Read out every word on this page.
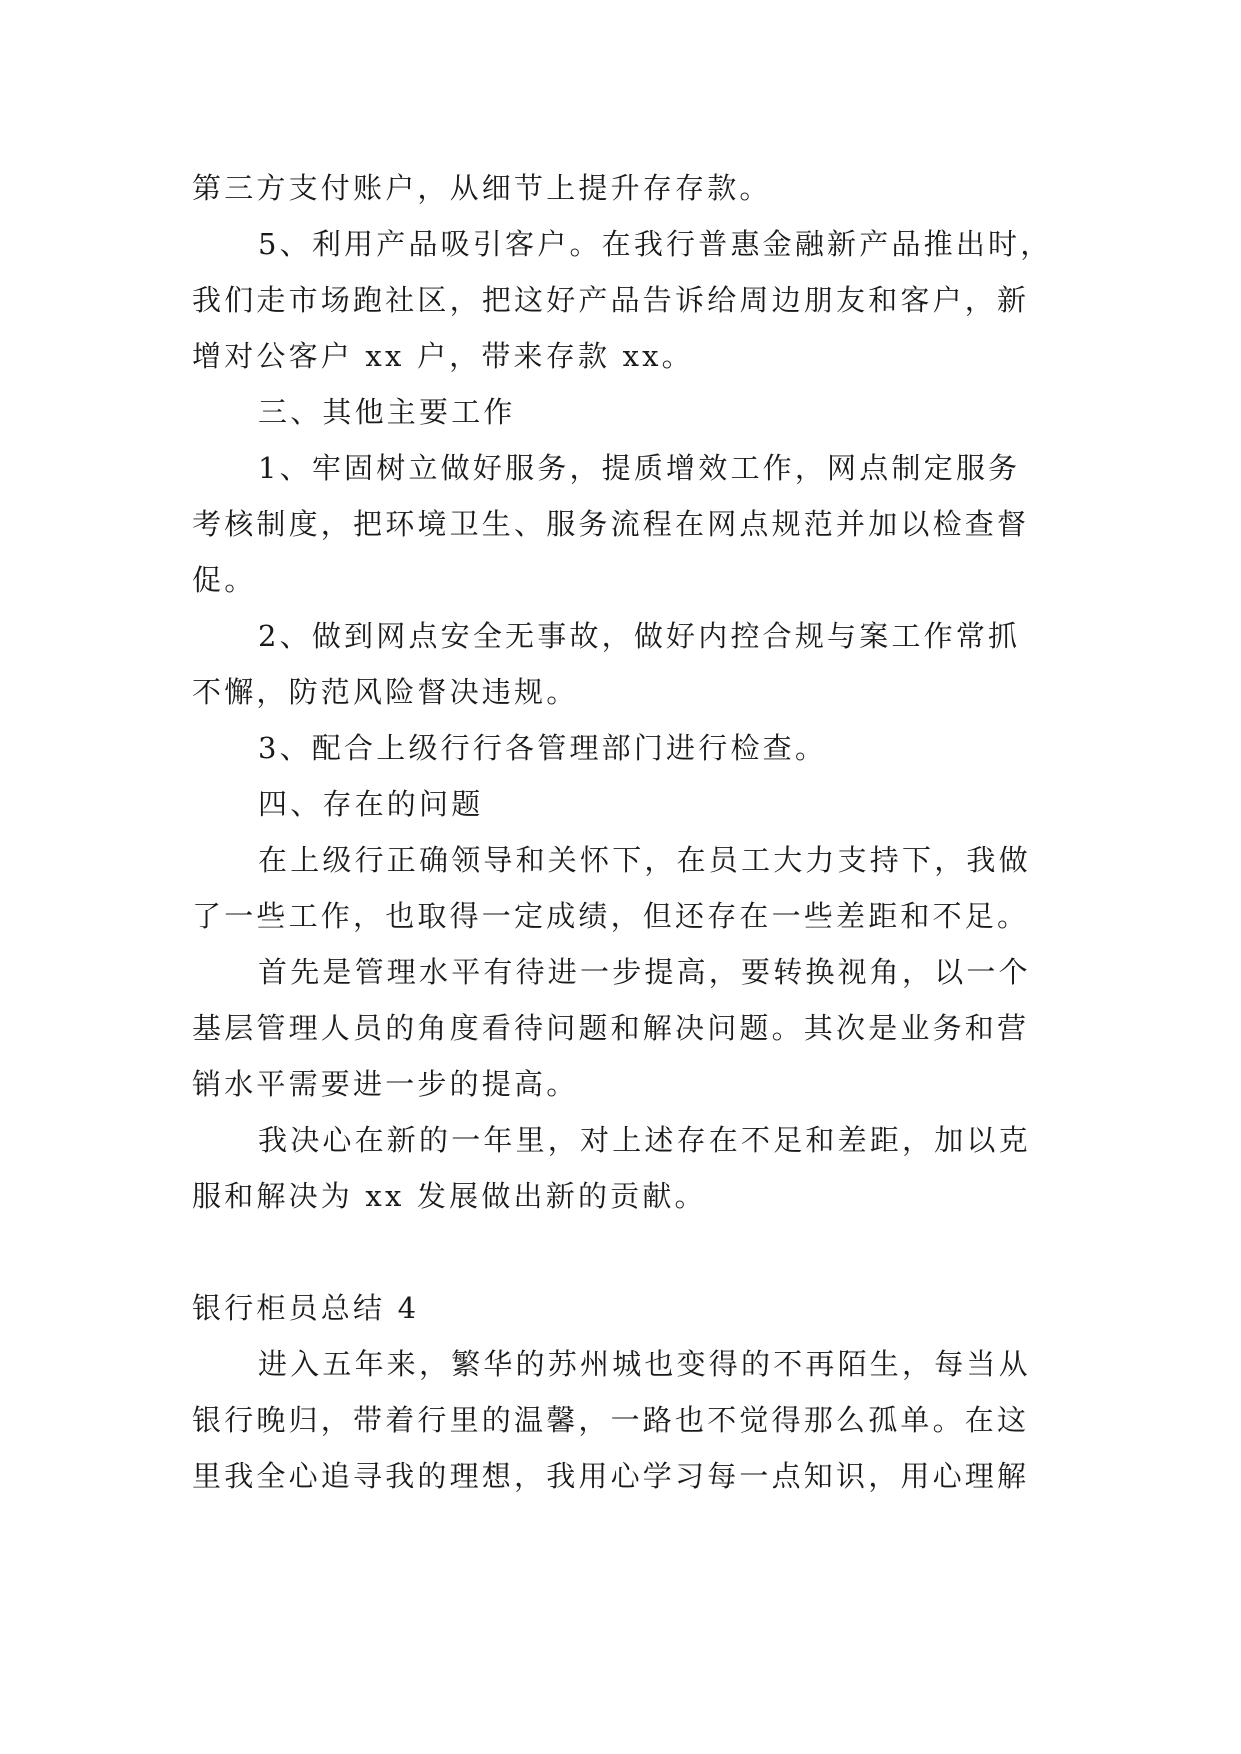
第三方支付账户，从细节上提升存存款。
5、利用产品吸引客户。在我行普惠金融新产品推出时，
我们走市场跑社区，把这好产品告诉给周边朋友和客户，新
增对公客户 xx 户，带来存款 xx。
三、其他主要工作
1、牢固树立做好服务，提质增效工作，网点制定服务
考核制度，把环境卫生、服务流程在网点规范并加以检查督
促。
2、做到网点安全无事故，做好内控合规与案工作常抓
不懈，防范风险督决违规。
3、配合上级行行各管理部门进行检查。
四、存在的问题
在上级行正确领导和关怀下，在员工大力支持下，我做
了一些工作，也取得一定成绩，但还存在一些差距和不足。
首先是管理水平有待进一步提高，要转换视角，以一个
基层管理人员的角度看待问题和解决问题。其次是业务和营
销水平需要进一步的提高。
我决心在新的一年里，对上述存在不足和差距，加以克
服和解决为 xx 发展做出新的贡献。
银行柜员总结 4
进入五年来，繁华的苏州城也变得的不再陌生，每当从
银行晚归，带着行里的温馨，一路也不觉得那么孤单。在这
里我全心追寻我的理想，我用心学习每一点知识，用心理解
